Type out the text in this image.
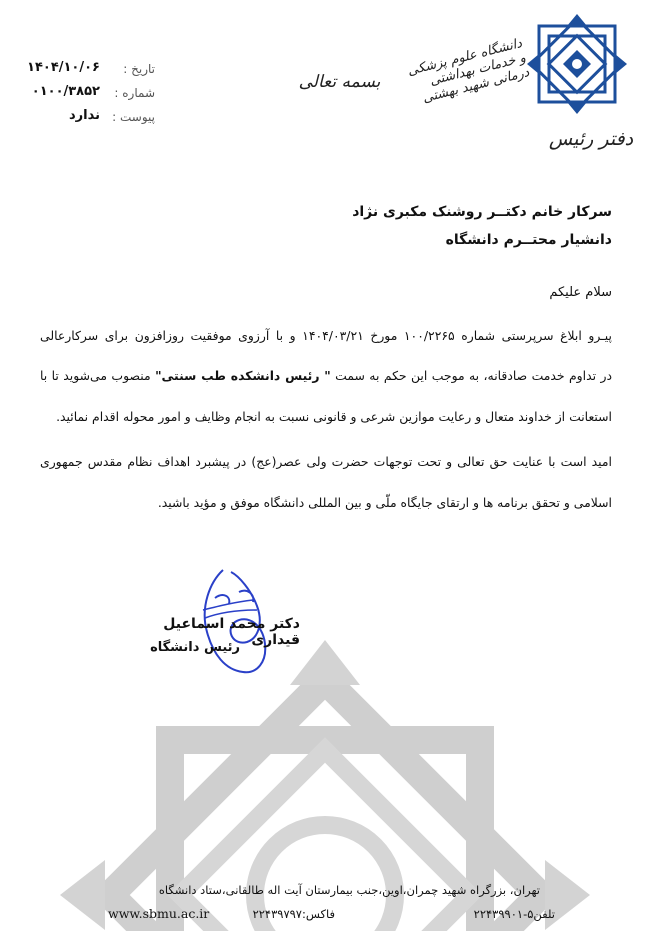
دفتر رئیس
دانشگاه علوم پزشکی و خدمات بهداشتی درمانی شهید بهشتی
بسمه تعالی
تاریخ :
۱۴۰۴/۱۰/۰۶
شماره :
۰۱۰۰/۳۸۵۲
پیوست :
ندارد
سرکار خانم دکتــر روشنک مکبری نژاد
دانشیار محتــرم دانشگاه
سلام علیکم
پیـرو ابلاغ سرپرستی شماره ۱۰۰/۲۲۶۵ مورخ ۱۴۰۴/۰۳/۲۱ و با آرزوی موفقیت روزافزون برای سرکارعالی
در تداوم خدمت صادقانه، به موجب این حکم به سمت " رئیس دانشکده طب سنتی" منصوب می‌شوید تا با
استعانت از خداوند متعال و رعایت موازین شرعی و قانونی نسبت به انجام وظایف و امور محوله اقدام نمائید.
امید است با عنایت حق تعالی و تحت توجهات حضرت ولی عصر(عج) در پیشبرد اهداف نظام مقدس جمهوری
اسلامی و تحقق برنامه ها و ارتقای جایگاه ملّی و بین المللی دانشگاه موفق و مؤید باشید.
دکتر محمد اسماعیل قیداری
رئیس دانشگاه
تهران، بزرگراه شهید چمران،اوین،جنب بیمارستان آیت اله طالقانی،ستاد دانشگاه
تلفن۵-۲۲۴۳۹۹۰۱
فاکس:۲۲۴۳۹۷۹۷
www.sbmu.ac.ir
